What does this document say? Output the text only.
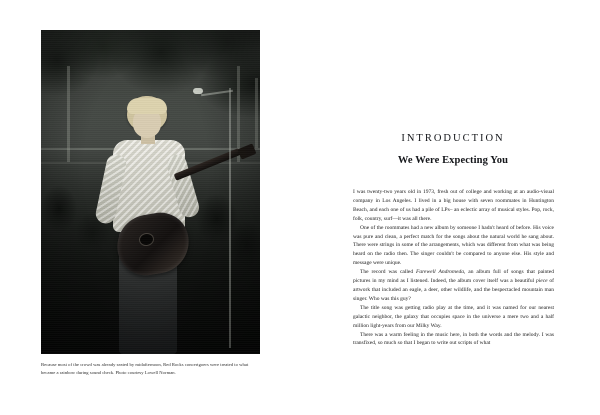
Because most of the crowd was already seated by midafternoon, Red Rocks concertgoers were treated to what became a rainbow during sound check. Photo courtesy Lowell Norman.
INTRODUCTION
We Were Expecting You

I was twenty-two years old in 1973, fresh out of college and working at an audio-visual company in Los Angeles. I lived in a big house with seven roommates in Huntington Beach, and each one of us had a pile of LPs– an eclectic array of musical styles. Pop, rock, folk, country, surf—it was all there.

One of the roommates had a new album by someone I hadn't heard of before. His voice was pure and clean, a perfect match for the songs about the natural world he sang about. There were strings in some of the arrangements, which was different from what was being heard on the radio then. The singer couldn't be compared to anyone else. His style and message were unique.

The record was called Farewell Andromeda, an album full of songs that painted pictures in my mind as I listened. Indeed, the album cover itself was a beautiful piece of artwork that included an eagle, a deer, other wildlife, and the bespectacled mountain man singer. Who was this guy?

The title song was getting radio play at the time, and it was named for our nearest galactic neighbor, the galaxy that occupies space in the universe a mere two and a half million light-years from our Milky Way.

There was a warm feeling in the music here, in both the words and the melody. I was transfixed, so much so that I began to write out scripts of what
